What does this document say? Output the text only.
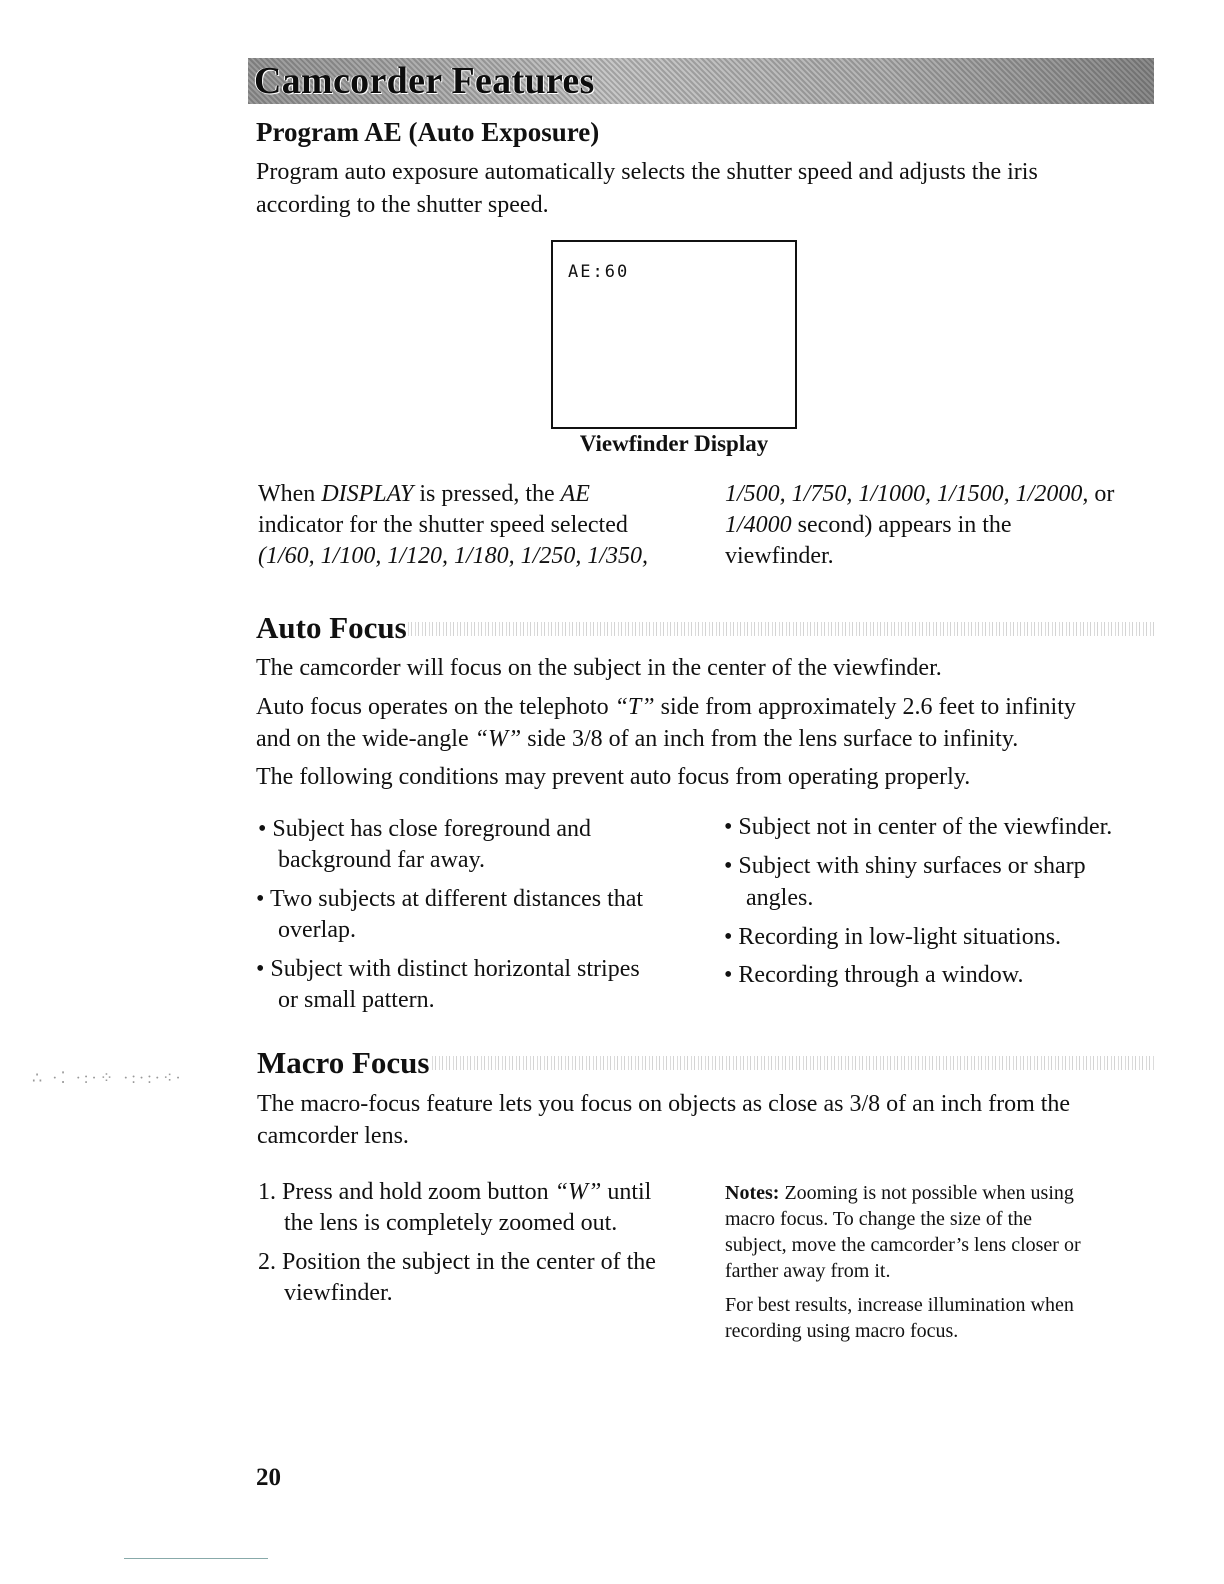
Camcorder Features
Program AE (Auto Exposure)
Program auto exposure automatically selects the shutter speed and adjusts the iris
according to the shutter speed.
AE:60
Viewfinder Display
When DISPLAY is pressed, the AE
indicator for the shutter speed selected
(1/60, 1/100, 1/120, 1/180, 1/250, 1/350,
1/500, 1/750, 1/1000, 1/1500, 1/2000, or
1/4000 second) appears in the
viewfinder.
Auto Focus
The camcorder will focus on the subject in the center of the viewfinder.
Auto focus operates on the telephoto “T” side from approximately 2.6 feet to infinity
and on the wide-angle “W” side 3/8 of an inch from the lens surface to infinity.
The following conditions may prevent auto focus from operating properly.
• Subject has close foreground and
background far away.
• Two subjects at different distances that
overlap.
• Subject with distinct horizontal stripes
or small pattern.
• Subject not in center of the viewfinder.
• Subject with shiny surfaces or sharp
angles.
• Recording in low-light situations.
• Recording through a window.
∴ ·⁚ ·:·⁘ ·:·:·⁖· Macro Focus
The macro-focus feature lets you focus on objects as close as 3/8 of an inch from the
camcorder lens.
1. Press and hold zoom button “W” until
the lens is completely zoomed out.
2. Position the subject in the center of the
viewfinder.
Notes: Zooming is not possible when using
macro focus. To change the size of the
subject, move the camcorder’s lens closer or
farther away from it.
For best results, increase illumination when
recording using macro focus.
20
